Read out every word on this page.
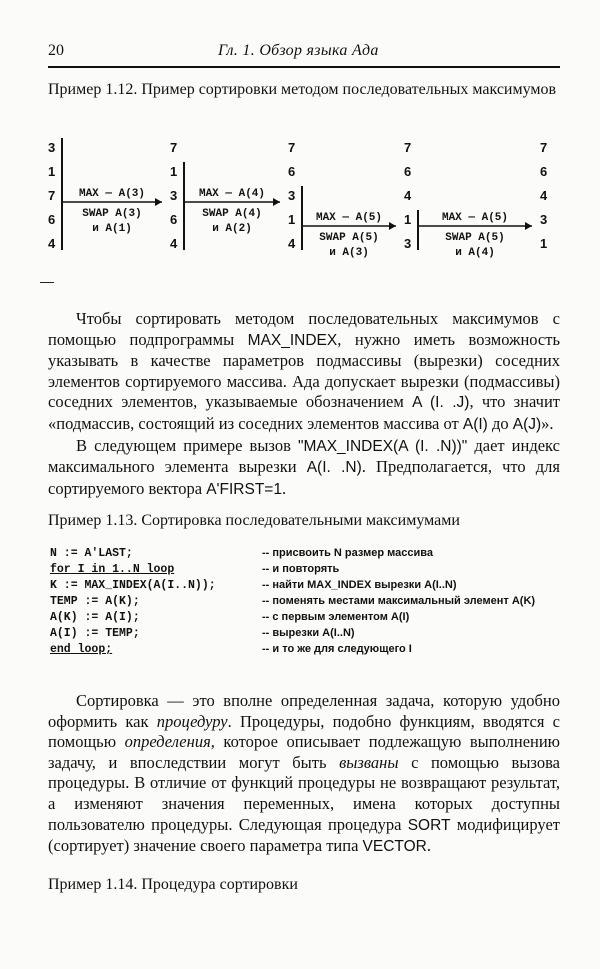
20	Гл. 1. Обзор языка Ада
Пример 1.12. Пример сортировки методом последовательных максимумов
3
1
7
6
4
7
1
3
6
4
7
6
3
1
4
7
6
4
1
3
7
6
4
3
1
MAX — A(3)
SWAP A(3)
и A(1)
MAX — A(4)
SWAP A(4)
и A(2)
MAX — A(5)
SWAP A(5)
и A(3)
MAX — A(5)
SWAP A(5)
и A(4)

Чтобы сортировать методом последовательных максимумов с помощью подпрограммы MAX_INDEX, нужно иметь возможность указывать в качестве параметров подмассивы (вырезки) соседних элементов сортируемого массива. Ада допускает вырезки (подмассивы) соседних элементов, указываемые обозначением A (I. .J), что значит «подмассив, состоящий из соседних элементов массива от A(I) до A(J)».

В следующем примере вызов "MAX_INDEX(A (I. .N))" дает индекс максимального элемента вырезки A(I. .N). Предполагается, что для сортируемого вектора A'FIRST=1.

Пример 1.13. Сортировка последовательными максимумами
N := A'LAST;	-- присвоить N размер массива
for I in 1..N loop	-- и повторять
K := MAX_INDEX(A(I..N));	-- найти MAX_INDEX вырезки A(I..N)
TEMP := A(K);	-- поменять местами максимальный элемент A(K)
A(K) := A(I);	-- с первым элементом A(I)
A(I) := TEMP;	-- вырезки A(I..N)
end loop;	-- и то же для следующего I

Сортировка — это вполне определенная задача, которую удобно оформить как процедуру. Процедуры, подобно функциям, вводятся с помощью определения, которое описывает подлежащую выполнению задачу, и впоследствии могут быть вызваны с помощью вызова процедуры. В отличие от функций процедуры не возвращают результат, а изменяют значения переменных, имена которых доступны пользователю процедуры. Следующая процедура SORT модифицирует (сортирует) значение своего параметра типа VECTOR.

Пример 1.14. Процедура сортировки
